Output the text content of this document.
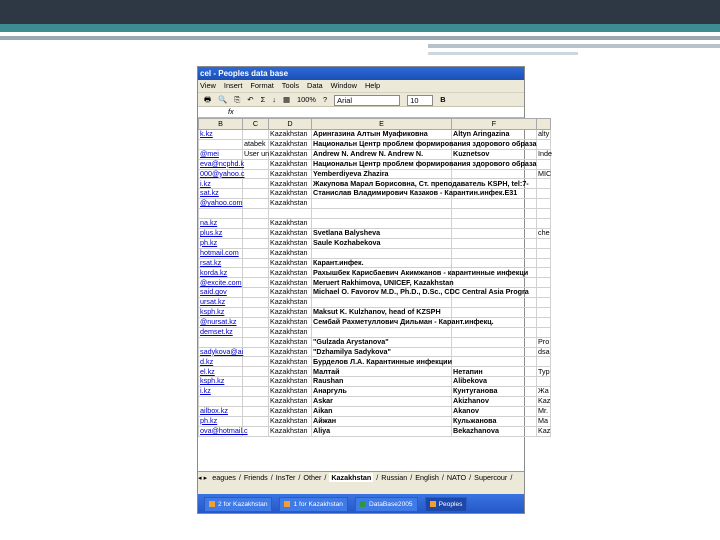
cel - Peoples data base
View Insert Format Tools Data Window Help
🖶 🔍 ⎘ ↶ Σ ↓ ▦ 100% ? Arial	10	B
fx
B	C	D	E	F	
k.kz		Kazakhstan	Арингазина Алтын Муафиковна	Altyn Aringazina	alty
	atabek	Kazakhstan	Национальн Центр проблем формирования здорового образа		
@mei	User un	Kazakhstan	Andrew N. Andrew N. Andrew N.	Kuznetsov	Inde
eva@ncphd.k		Kazakhstan	Национальн Центр проблем формирования здорового образа		
000@yahoo.c		Kazakhstan	Yemberdiyeva Zhazira		MIC
i.kz		Kazakhstan	Жакупова Марал Борисовна, Ст. преподаватель KSPH, tel:7-		
sat.kz		Kazakhstan	Станислав Владимирович Казаков - Карантин.инфек.Е31		
@yahoo.com		Kazakhstan			

na.kz		Kazakhstan			
plus.kz		Kazakhstan	Svetlana Balysheva		che
ph.kz		Kazakhstan	Saule Kozhabekova		
hotmail.com		Kazakhstan			
rsat.kz		Kazakhstan	Карант.инфек.		
korda.kz		Kazakhstan	Рахышбек Карисбаевич Акимжанов - карантинные инфекци		
@excite.com		Kazakhstan	Meruert Rakhimova, UNICEF, Kazakhstan		
said.gov		Kazakhstan	Michael O. Favorov M.D., Ph.D., D.Sc., CDC Central Asia Progra		
ursat.kz		Kazakhstan			
ksph.kz		Kazakhstan	Maksut K. Kulzhanov, head of KZSPH		
@nursat.kz		Kazakhstan	Сембай Рахметуллович Дильман - Карант.инфекц.		
demset.kz		Kazakhstan			
		Kazakhstan	"Gulzada Arystanova"		Pro
sadykova@ai		Kazakhstan	"Dzhamilya Sadykova"		dsa
d.kz		Kazakhstan	Бурделов Л.А. Карантинные инфекции		
el.kz		Kazakhstan	Малтай	Нетапин	Typ
ksph.kz		Kazakhstan	Raushan	Alibekova	
i.kz		Kazakhstan	Анаргуль	Кунтуганова	Жа
		Kazakhstan	Askar	Akizhanov	Kaz
ailbox.kz		Kazakhstan	Aikan	Akanov	Mr.
ph.kz		Kazakhstan	Айжан	Кульжанова	Ma
ova@hotmail.c		Kazakhstan	Aliya	Bekazhanova	Kaz
◂ ▸ eagues / Friends / InsTer / Other / Kazakhstan / Russian / English / NATO / Supercour /
2 for Kazakhstan	1 for Kazakhstan	DataBase2005	Peoples
